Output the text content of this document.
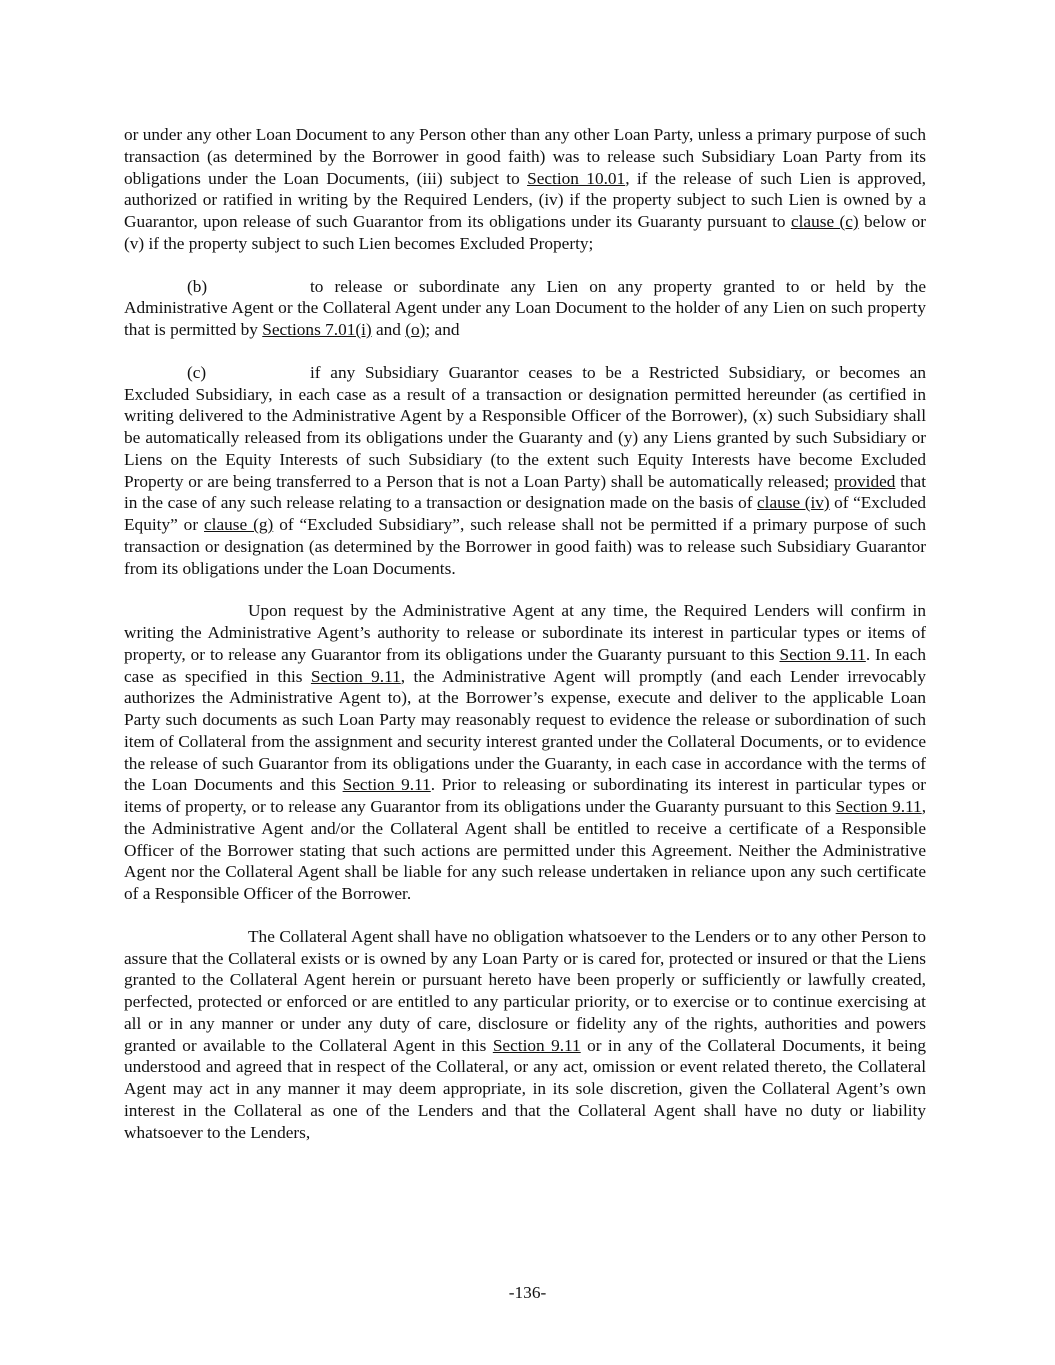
or under any other Loan Document to any Person other than any other Loan Party, unless a primary purpose of such transaction (as determined by the Borrower in good faith) was to release such Subsidiary Loan Party from its obligations under the Loan Documents, (iii) subject to Section 10.01, if the release of such Lien is approved, authorized or ratified in writing by the Required Lenders, (iv) if the property subject to such Lien is owned by a Guarantor, upon release of such Guarantor from its obligations under its Guaranty pursuant to clause (c) below or (v) if the property subject to such Lien becomes Excluded Property;

(b)	to release or subordinate any Lien on any property granted to or held by the Administrative Agent or the Collateral Agent under any Loan Document to the holder of any Lien on such property that is permitted by Sections 7.01(i) and (o); and

(c)	if any Subsidiary Guarantor ceases to be a Restricted Subsidiary, or becomes an Excluded Subsidiary, in each case as a result of a transaction or designation permitted hereunder (as certified in writing delivered to the Administrative Agent by a Responsible Officer of the Borrower), (x) such Subsidiary shall be automatically released from its obligations under the Guaranty and (y) any Liens granted by such Subsidiary or Liens on the Equity Interests of such Subsidiary (to the extent such Equity Interests have become Excluded Property or are being transferred to a Person that is not a Loan Party) shall be automatically released; provided that in the case of any such release relating to a transaction or designation made on the basis of clause (iv) of “Excluded Equity” or clause (g) of “Excluded Subsidiary”, such release shall not be permitted if a primary purpose of such transaction or designation (as determined by the Borrower in good faith) was to release such Subsidiary Guarantor from its obligations under the Loan Documents.

Upon request by the Administrative Agent at any time, the Required Lenders will confirm in writing the Administrative Agent’s authority to release or subordinate its interest in particular types or items of property, or to release any Guarantor from its obligations under the Guaranty pursuant to this Section 9.11. In each case as specified in this Section 9.11, the Administrative Agent will promptly (and each Lender irrevocably authorizes the Administrative Agent to), at the Borrower’s expense, execute and deliver to the applicable Loan Party such documents as such Loan Party may reasonably request to evidence the release or subordination of such item of Collateral from the assignment and security interest granted under the Collateral Documents, or to evidence the release of such Guarantor from its obligations under the Guaranty, in each case in accordance with the terms of the Loan Documents and this Section 9.11. Prior to releasing or subordinating its interest in particular types or items of property, or to release any Guarantor from its obligations under the Guaranty pursuant to this Section 9.11, the Administrative Agent and/or the Collateral Agent shall be entitled to receive a certificate of a Responsible Officer of the Borrower stating that such actions are permitted under this Agreement. Neither the Administrative Agent nor the Collateral Agent shall be liable for any such release undertaken in reliance upon any such certificate of a Responsible Officer of the Borrower.

The Collateral Agent shall have no obligation whatsoever to the Lenders or to any other Person to assure that the Collateral exists or is owned by any Loan Party or is cared for, protected or insured or that the Liens granted to the Collateral Agent herein or pursuant hereto have been properly or sufficiently or lawfully created, perfected, protected or enforced or are entitled to any particular priority, or to exercise or to continue exercising at all or in any manner or under any duty of care, disclosure or fidelity any of the rights, authorities and powers granted or available to the Collateral Agent in this Section 9.11 or in any of the Collateral Documents, it being understood and agreed that in respect of the Collateral, or any act, omission or event related thereto, the Collateral Agent may act in any manner it may deem appropriate, in its sole discretion, given the Collateral Agent’s own interest in the Collateral as one of the Lenders and that the Collateral Agent shall have no duty or liability whatsoever to the Lenders,

-136-
